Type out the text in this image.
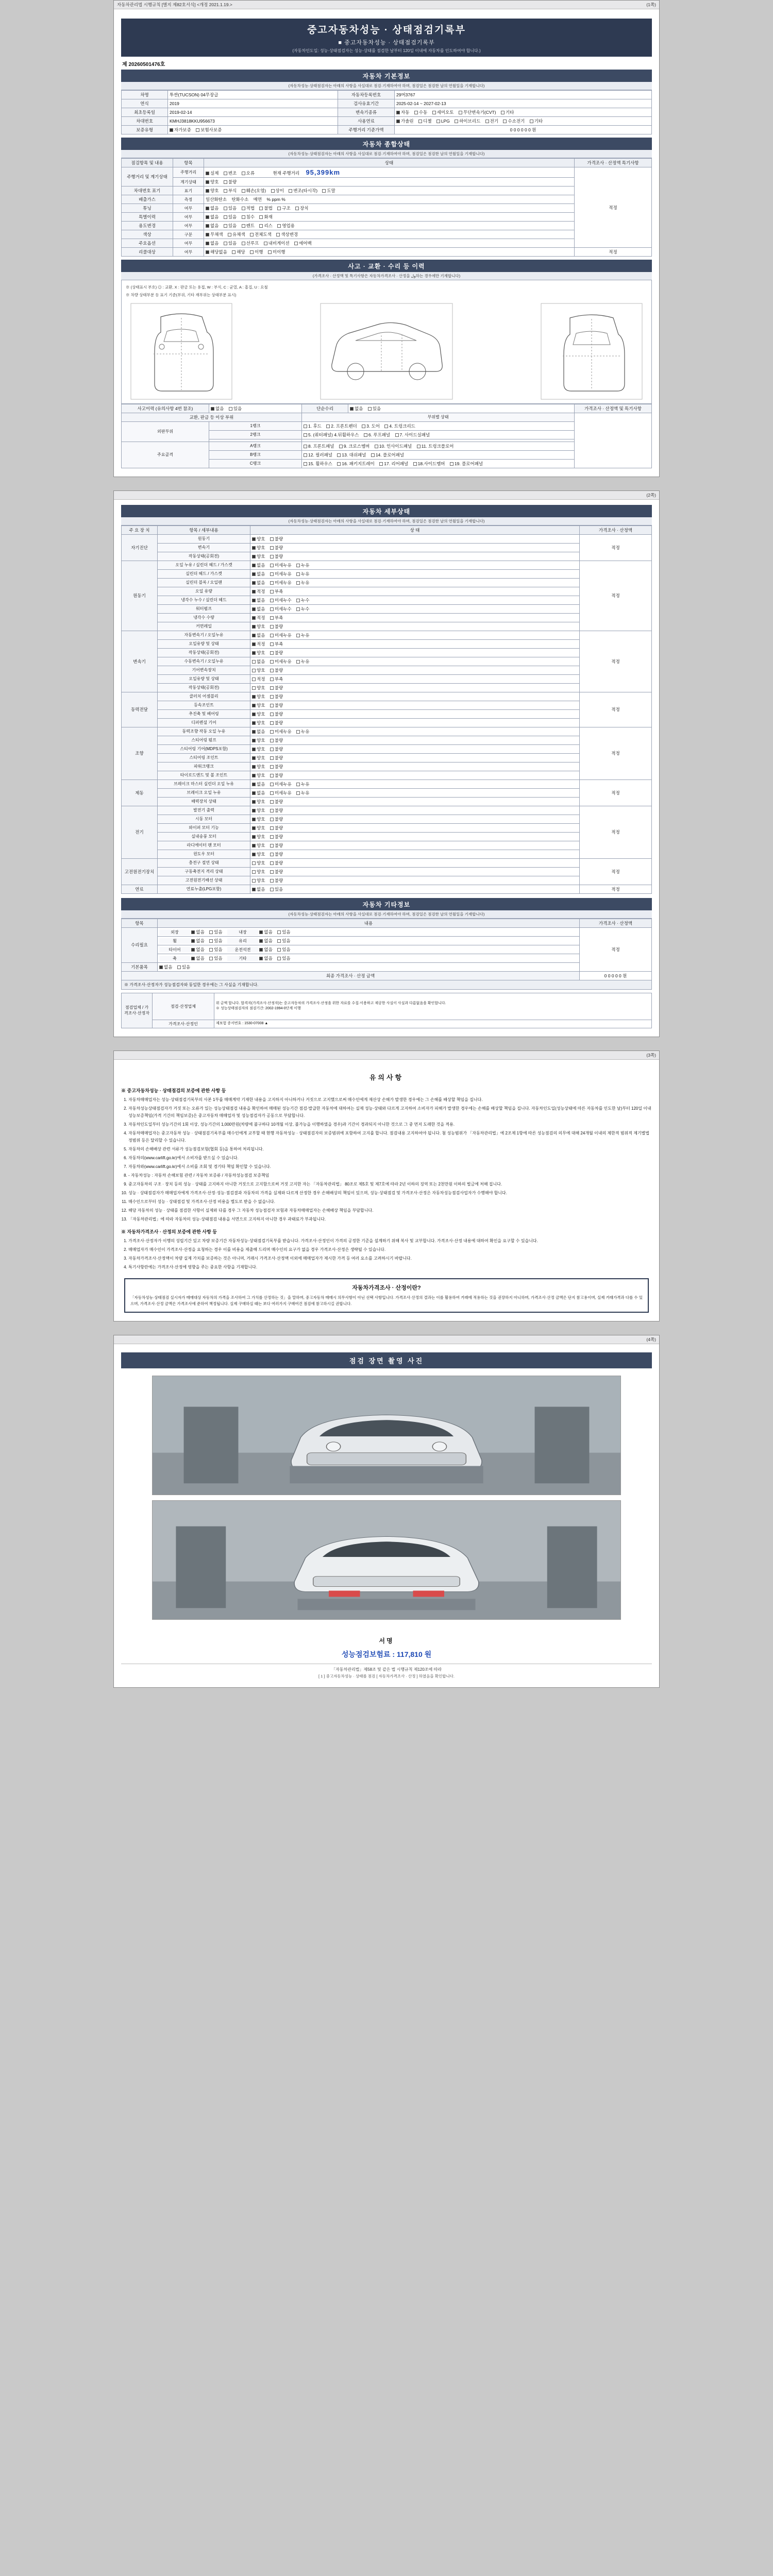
자동차관리법 시행규칙 [별지 제82호서식] <개정 2021.1.19.>	(1쪽)
중고자동차성능 · 상태점검기록부
■ 중고자동차성능 · 상태점검기록부
(자동차인도일: 성능·상태점검자는 성능·상태를 점검한 날부터 120일 이내에 자동차를 인도하여야 합니다.)
제 20260501476호
자동차 기본정보
(자동차성능·상태점검자는 아래의 사항을 사실대로 점검·기재하여야 하며, 점검일은 점검한 날의 연월일을 기재합니다)
차명	투싼(TUCSON) 04무장급	자동차등록번호	29머3767
연식	2019	검사유효기간	2025-02-14 ~ 2027-02-13
최초등록일	2019-02-14	변속기종류	자동 수동 세미오토 무단변속기(CVT) 기타
차대번호	KMHJ3818KKU956673	사용연료	가솔린 디젤 LPG 하이브리드 전기 수소전기 기타
보증유형	자가보증 보험사보증	주행거리 기준가액	0 0 0 0 0 0 원
자동차 종합상태
(자동차성능·상태점검자는 아래의 사항을 사실대로 점검·기재하여야 하며, 점검일은 점검한 날의 연월일을 기재합니다)
점검항목 및 내용	항목	상태	가격조사 · 산정액 특기사항
주행거리 및 계기상태	주행거리	실제 변조 오류 현재 주행거리 95,399km	적정
	계기상태	양호 불량	
차대번호 표기	표기	양호 부식 훼손(오염) 상이 변조(타시작) 도말	
배출가스	측정	일산화탄소 탄화수소 매연 % ppm %	
튜닝	여부	없음 있음 적법 불법 구조 장치	
특별이력	여부	없음 있음 침수 화재	
용도변경	여부	없음 있음 렌트 리스 영업용	
색상	구분	무채색 유채색 전체도색 색상변경	
주요옵션	여부	없음 있음 선루프 내비게이션 에어백	
리콜대상	여부	해당없음 해당 이행 미이행	적정
사고 · 교환 · 수리 등 이력
(가격조사 · 산정액 및 특기사항은 자동차가격조사 · 산정을 ول하는 경우에만 기재합니다)
※ (상태표시 부호) ◎ : 교환, X : 판금 또는 용접, W : 부식, C : 균열, A : 흠집, U : 요철
※ 차량 상태부분 등 표기 기준(부위, 기타 재부위는 상태부분 표시)
사고이력 (유의사항 4번 참조)	없음 있음	단순수리	없음 있음	가격조사 · 산정액 및 특기사항
교환, 판금 등 이상 부위		부위별 상태		
외판부위	1랭크	1. 후드 2. 프론트펜더 3. 도어 4. 트렁크리드		
	2랭크	5. (쿼터패널) 4.뒤휠하우스 6. 루프패널 7. 사이드실패널		

주요골격	A랭크	8. 프론트패널 9. 크로스멤버 10. 인사이드패널 11. 트렁크플로어		
	B랭크	12. 필러패널 13. 대쉬패널 14. 플로어패널		
	C랭크	15. 휠하우스 16. 패키지트레이 17. 리어패널 18.사이드멤버 19. 플로어패널		
(2쪽)
자동차 세부상태
(자동차성능·상태점검자는 아래의 사항을 사실대로 점검·기재하여야 하며, 점검일은 점검한 날의 연월일을 기재합니다)
주 요 장 치	항목 / 세부내용	상 태	가격조사 · 산정액
자기진단	원동기	양호 불량	적정
	변속기	양호 불량	
	작동상태(공회전)	양호 불량	
원동기	오일 누유 / 실린더 헤드 / 가스켓	없음 미세누유 누유	적정
	실린더 헤드 / 가스켓	없음 미세누유 누유	
	실린더 블록 / 오일팬	없음 미세누유 누유	
	오일 유량	적정 부족	
	냉각수 누수 / 실린더 헤드	없음 미세누수 누수	
	워터펌프	없음 미세누수 누수	
	냉각수 수량	적정 부족	
	커먼레일	양호 불량	
변속기	자동변속기 / 오일누유	없음 미세누유 누유	적정
	오일유량 및 상태	적정 부족	
	작동상태(공회전)	양호 불량	
	수동변속기 / 오일누유	없음 미세누유 누유	
	기어변속장치	양호 불량	
	오일유량 및 상태	적정 부족	
	작동상태(공회전)	양호 불량	
동력전달	클러치 어셈블리	양호 불량	적정
	등속조인트	양호 불량	
	추진축 및 베어링	양호 불량	
	디퍼렌셜 기어	양호 불량	
조향	동력조향 작동 오일 누유	없음 미세누유 누유	적정
	스티어링 펌프	양호 불량	
	스티어링 기어(MDPS포함)	양호 불량	
	스티어링 조인트	양호 불량	
	파워크랭크	양호 불량	
	타이로드엔드 및 볼 조인트	양호 불량	
제동	브레이크 마스터 실린더 오일 누유	없음 미세누유 누유	적정
	브레이크 오일 누유	없음 미세누유 누유	
	배력장치 상태	양호 불량	
전기	발전기 출력	양호 불량	적정
	시동 모터	양호 불량	
	와이퍼 모터 기능	양호 불량	
	실내송풍 모터	양호 불량	
	라디에이터 팬 모터	양호 불량	
	윈도우 모터	양호 불량	
고전원전기장치	충전구 절연 상태	양호 불량	적정
	구동축전지 격리 상태	양호 불량	
	고전원전기배선 상태	양호 불량	
연료	연료누출(LPG포함)	없음 있음	적정
자동차 기타정보
(자동차성능·상태점검자는 아래의 사항을 사실대로 점검·기재하여야 하며, 점검일은 점검한 날의 연월일을 기재합니다)
항목	내용	가격조사 · 산정액
수리필요	외장 없음 있음 내장 없음 있음	적정
	휠 없음 있음 유리 없음 있음	
	타이어 없음 있음 운전석전 없음 있음	
	축 없음 있음 기타 없음 있음	
기본품목	없음 있음	
최종 가격조사 · 산정 금액		0 0 0 0 0 원
※ 가격조사·산정자가 성능점검자와 동일한 경우에는 그 사실을 기재합니다.
점검업체 / 가격조사·산정자	점검·산정업체	위 금액 합니다. 합격자(가격조사·산정자)는 중고자동차의 가격조사·산정을 위한 자료를 수집·이용하고 제공한 사실이 사실과 다름없음을 확인합니다.
※ 성능상태점검자의 점검기간: 2002-1994-0단계 이행

	가격조사·산정인	제보험 증서번호 : 1530-07008 ▲
(3쪽)
유의사항
※ 중고자동차성능 · 상태점검의 보증에 관한 사항 등
1. 자동차매매업자는 성능·상태점검기록부의 사본 1부를 매매계약 기재한 내용을 고지하지 아니하거나 거짓으로 고지했으로써 매수인에게 재산상 손해가 발생한 경우에는 그 손해를 배상할 책임을 집니다.
2. 자동차성능상태점검자가 거짓 또는 오류가 있는 성능상태점검 내용을 확인하여 매매된 성능기간 점검·발급한 자동차에 대하여는 실제 성능·상태와 다르게 고지하여 소비자가 피해가 발생한 경우에는 손해를 배상할 책임을 집니다. 자동차인도일(성능상태에 따른 자동차를 인도한 날)부터 120일 이내 성능보증책임(가격 기간의 책임보증)은 중고자동차 매매업자 및 성능점검자가 공동으로 부담합니다.
3. 자동차인도일부터 성능기간의 1회 이상, 성능기간의 1,000만원(차량에 불구하다 10개월 이상, 불가능을 이행하였을 경우)과 기간이 경과되지 아니한 것으로 그 중 먼저 도래한 것을 적용.
4. 자동차매매업자는 중고자동차 성능 · 상태점검기록부를 매수인에게 교부할 때 현행 자동차성능 · 상태점검자의 보증범위에 포함하여 고지를 합니다. 점검내용 고지하여야 됩니다. 첨 성능범위가 「자동차관리법」에 2조제 1항에 따른 성능점검의 의무에 대해 24개월 이내의 제한적 범위적 제기별법정범위 등은 달리할 수 있습니다.
5. 자동차의 손해배상 관련 서류가 성능점검보험(협회 등)을 통하여 처리됩니다.
6. 자동차의(www.carlift.go.kr)에서 소비자를 받으실 수 있습니다.
7. 자동차와(www.carlift.go.kr)에서 소비를 조회 및 경기타 책임 확인할 수 있습니다.
8. - 자동차성능 : 자동차 손해보험 관련 / 자동차 보증류 / 자동차성능점검 보증책임
9. 중고자동차의 구조 · 장치 등의 성능 · 상태를 고지하지 아니한 거짓으로 고지함으로써 거짓 고지한 자는 「자동차관리법」 80조로 제5호 및 제7호에 따라 2년 이하의 징역 또는 2천만원 이하의 벌금에 처해 집니다.
10. 성능 · 상태점검자가 매매업자에게 가격조사·산정·성능·점검결과 자동차의 가격을 실제와 다르게 산정한 경우 손해배상의 책임이 있으며, 성능·상태점검 및 가격조사·산정은 자동차성능점검사업자가 수행해야 합니다.
11. 매수인으로부터 성능 · 상태점검 및 가격조사·산정 비용을 별도로 받을 수 없습니다.
12. 해당 자동차의 성능 · 상태를 점검한 사항이 실제와 다를 경우 그 자동차 성능점검자 보험과 자동차매매업자는 손해배상 책임을 부담합니다.
13. 「자동차관리법」에 따라 자동차의 성능·상태점검 내용을 서면으로 고지하지 아니한 경우 과태료가 부과됩니다.
※ 자동차가격조사 · 산정의 보증에 관한 사항 등
1. 가격조사·산정자가 이행의 성립기간 있고 차량 보증기간 자동차성능·상태점검기록부를 받습니다. 가격조사·산정인이 가격의 공정한 기준을 설계하기 위해 복사 및 교부합니다. 가격조사·산정 내용에 대하여 확인을 요구할 수 있습니다.
2. 매매업자가 매수인이 가격조사·산정을 요청하는 경우 이를 비용을 제출해 드리며 매수인의 요구가 없을 경우 가격조사·산정은 생략될 수 있습니다.
3. 자동차가격조사·산정액이 차량 실제 가치를 보증하는 것은 아니며, 거래시 가격조사·산정액 이외에 매매업자가 제시한 가격 등 여러 요소를 고려하시기 바랍니다.
4. 특기사항란에는 가격조사·산정에 영향을 주는 중요한 사항을 기재합니다.
자동차가격조사 · 산정이란?
「자동차성능·상태점검 실시자가 매매대상 자동차의 가격을 조사하여 그 가치를 산정하는 것」을 말하며, 중고자동차 매매시 의무사항이 아닌 선택 사항입니다. 가격조사·산정의 결과는 이를 활용하여 거래에 적용하는 것을 권장하지 아니하며, 가격조사·산정 금액은 단지 참고용이며, 실제 거래가격과 다를 수 있으며, 가격조사·산정 금액은 가격조사에 준하여 책정됩니다. 실제 구매하실 때는 보다 여러가지 구매여건 점검에 참고하시길 권합니다.
(4쪽)
점검 장면 촬영 사진
서명
성능점검보험료 : 117,810 원
「자동차관리법」제58조 및 같은 법 시행규칙 제120조에 따라
[ 1 ] 중고자동차성능 · 상태를 점검 [ 자동차가격조사 · 산정 ] 하였음을 확인합니다.
